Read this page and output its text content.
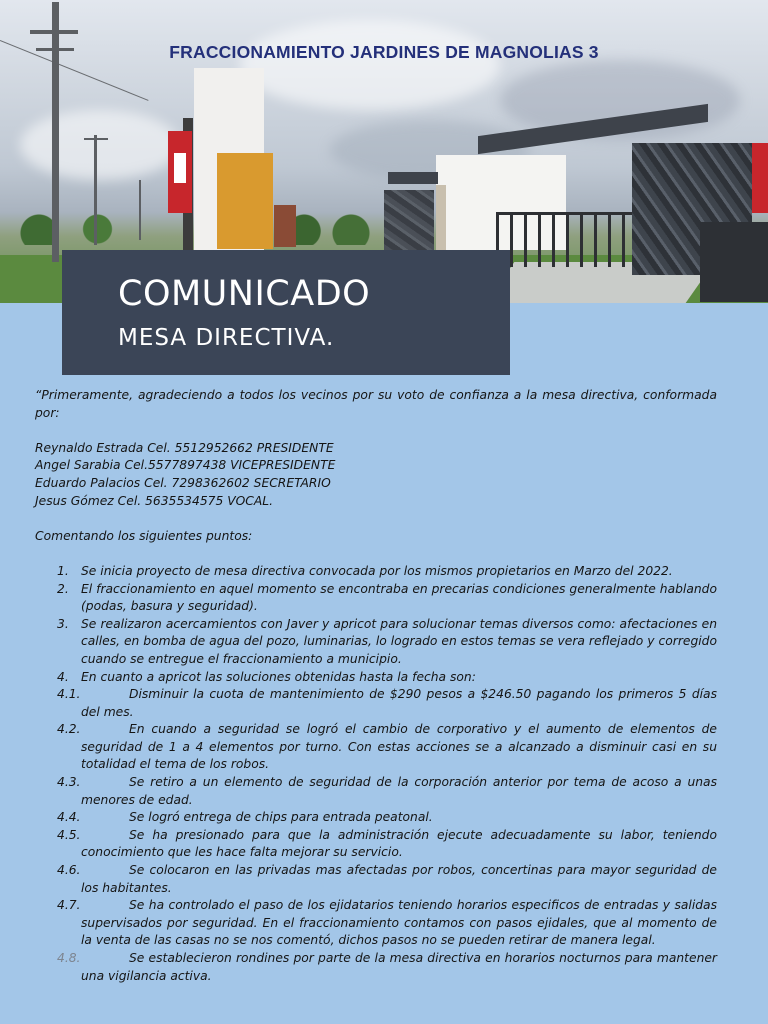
FRACCIONAMIENTO JARDINES DE MAGNOLIAS 3
COMUNICADO
MESA DIRECTIVA.

“Primeramente, agradeciendo a todos los vecinos por su voto de confianza a la mesa directiva, conformada por:

Reynaldo Estrada Cel. 5512952662 PRESIDENTE

Angel Sarabia Cel.5577897438 VICEPRESIDENTE

Eduardo Palacios Cel. 7298362602 SECRETARIO

Jesus Gómez Cel. 5635534575 VOCAL.

Comentando los siguientes puntos:

1. Se inicia proyecto de mesa directiva convocada por los mismos propietarios en Marzo del 2022.
2. El fraccionamiento en aquel momento se encontraba en precarias condiciones generalmente hablando (podas, basura y seguridad).
3. Se realizaron acercamientos con Javer y apricot para solucionar temas diversos como: afectaciones en calles, en bomba de agua del pozo, luminarias, lo logrado en estos temas se vera reflejado y corregido cuando se entregue el fraccionamiento a municipio.
4. En cuanto a apricot las soluciones obtenidas hasta la fecha son:
4.1.	Disminuir la cuota de mantenimiento de $290 pesos a $246.50 pagando los primeros 5 días del mes.
4.2.	En cuando a seguridad se logró el cambio de corporativo y el aumento de elementos de seguridad de 1 a 4 elementos por turno. Con estas acciones se a alcanzado a disminuir casi en su totalidad el tema de los robos.
4.3.	Se retiro a un elemento de seguridad de la corporación anterior por tema de acoso a unas menores de edad.
4.4.	Se logró entrega de chips para entrada peatonal.
4.5.	Se ha presionado para que la administración ejecute adecuadamente su labor, teniendo conocimiento que les hace falta mejorar su servicio.
4.6.	Se colocaron en las privadas mas afectadas por robos, concertinas para mayor seguridad de los habitantes.
4.7.	Se ha controlado el paso de los ejidatarios teniendo horarios especificos de entradas y salidas supervisados por seguridad. En el fraccionamiento contamos con pasos ejidales, que al momento de la venta de las casas no se nos comentó, dichos pasos no se pueden retirar de manera legal.
4.8.	Se establecieron rondines por parte de la mesa directiva en horarios nocturnos para mantener una vigilancia activa.
